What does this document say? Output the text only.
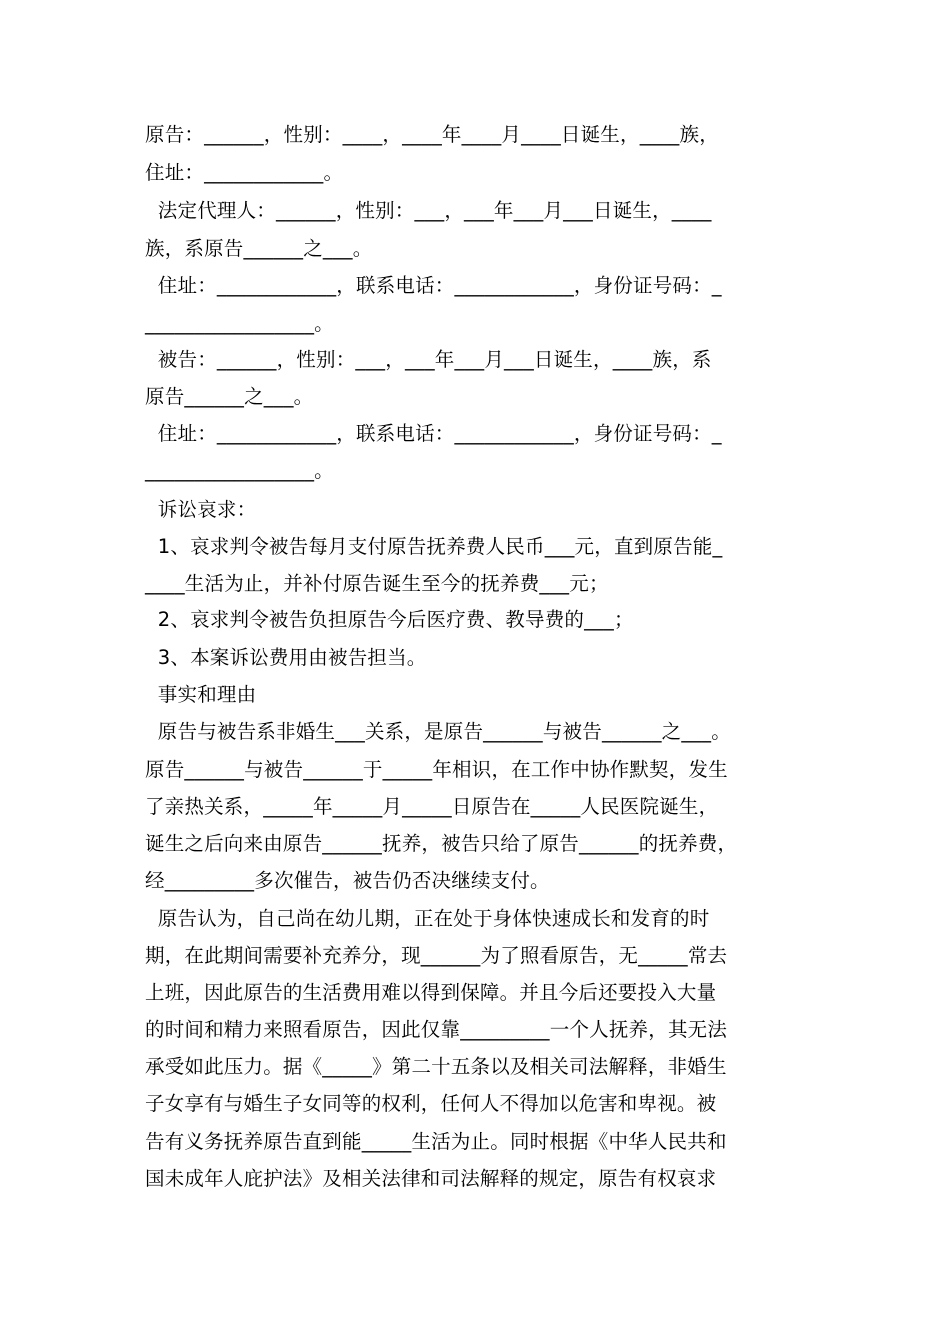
原告：______，性别：____，____年____月____日诞生，____族，
住址：____________。
法定代理人：______，性别：___，___年___月___日诞生，____
族，系原告______之___。
住址：____________，联系电话：____________，身份证号码：_
_________________。
被告：______，性别：___，___年___月___日诞生，____族，系
原告______之___。
住址：____________，联系电话：____________，身份证号码：_
_________________。
诉讼哀求：
1、哀求判令被告每月支付原告抚养费人民币___元，直到原告能_
____生活为止，并补付原告诞生至今的抚养费___元；
2、哀求判令被告负担原告今后医疗费、教导费的___；
3、本案诉讼费用由被告担当。
事实和理由
原告与被告系非婚生___关系，是原告______与被告______之___。
原告______与被告______于_____年相识，在工作中协作默契，发生
了亲热关系，_____年_____月_____日原告在_____人民医院诞生，
诞生之后向来由原告______抚养，被告只给了原告______的抚养费，
经_________多次催告，被告仍否决继续支付。
原告认为，自己尚在幼儿期，正在处于身体快速成长和发育的时
期，在此期间需要补充养分，现______为了照看原告，无_____常去
上班，因此原告的生活费用难以得到保障。并且今后还要投入大量
的时间和精力来照看原告，因此仅靠_________一个人抚养，其无法
承受如此压力。据《_____》第二十五条以及相关司法解释，非婚生
子女享有与婚生子女同等的权利，任何人不得加以危害和卑视。被
告有义务抚养原告直到能_____生活为止。同时根据《中华人民共和
国未成年人庇护法》及相关法律和司法解释的规定，原告有权哀求
